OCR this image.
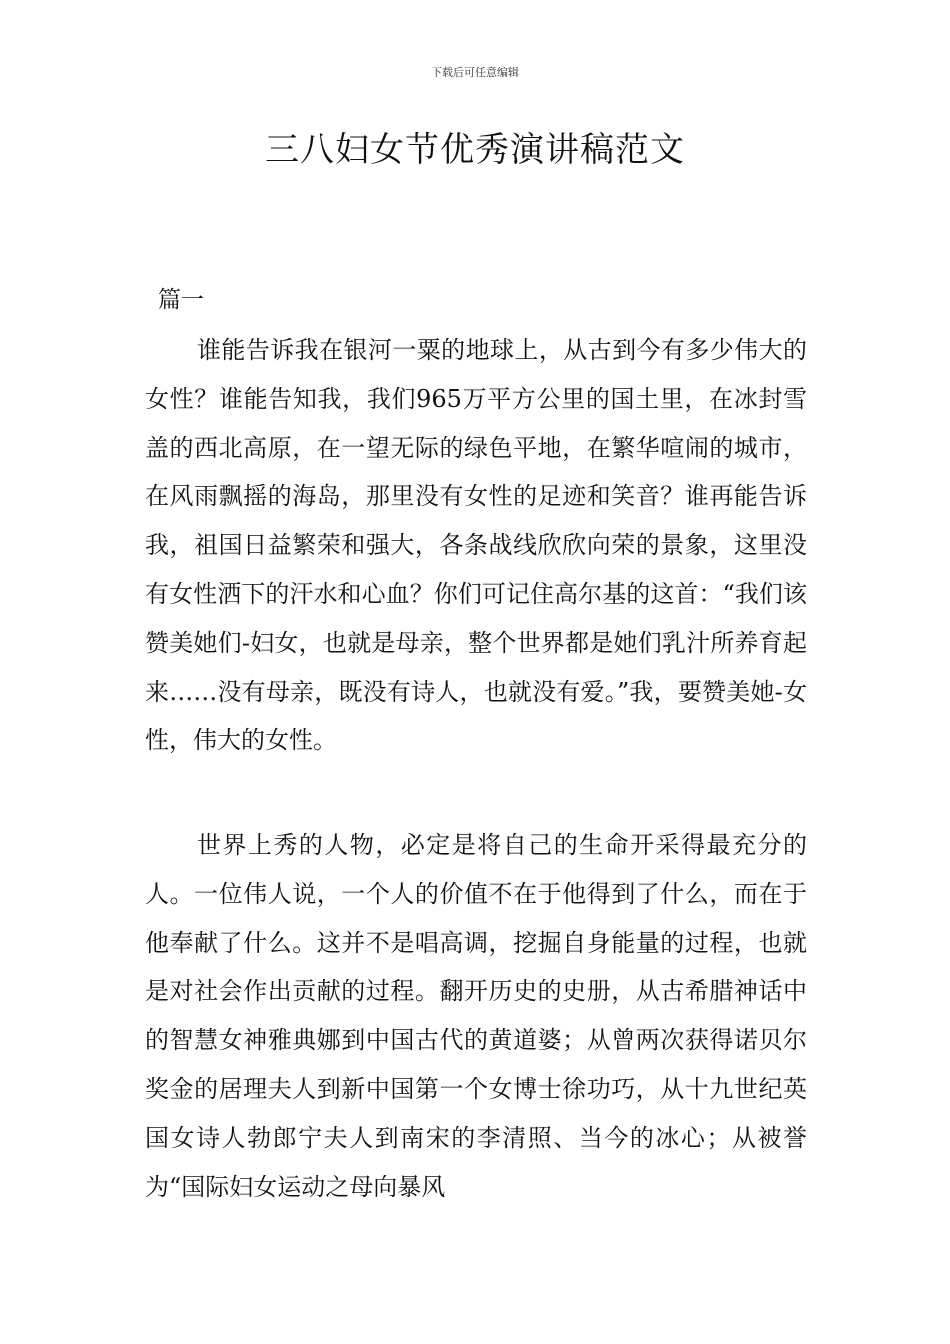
下载后可任意编辑
三八妇女节优秀演讲稿范文
篇一

谁能告诉我在银河一粟的地球上，从古到今有多少伟大的女性？谁能告知我，我们965万平方公里的国土里，在冰封雪盖的西北高原，在一望无际的绿色平地，在繁华喧闹的城市，在风雨飘摇的海岛，那里没有女性的足迹和笑音？谁再能告诉我，祖国日益繁荣和强大，各条战线欣欣向荣的景象，这里没有女性洒下的汗水和心血？你们可记住高尔基的这首：“我们该赞美她们-妇女，也就是母亲，整个世界都是她们乳汁所养育起来……没有母亲，既没有诗人，也就没有爱。”我，要赞美她-女性，伟大的女性。

世界上秀的人物，必定是将自己的生命开采得最充分的人。一位伟人说，一个人的价值不在于他得到了什么，而在于他奉献了什么。这并不是唱高调，挖掘自身能量的过程，也就是对社会作出贡献的过程。翻开历史的史册，从古希腊神话中的智慧女神雅典娜到中国古代的黄道婆；从曾两次获得诺贝尔奖金的居理夫人到新中国第一个女博士徐功巧，从十九世纪英国女诗人勃郎宁夫人到南宋的李清照、当今的冰心；从被誉为“国际妇女运动之母向暴风
